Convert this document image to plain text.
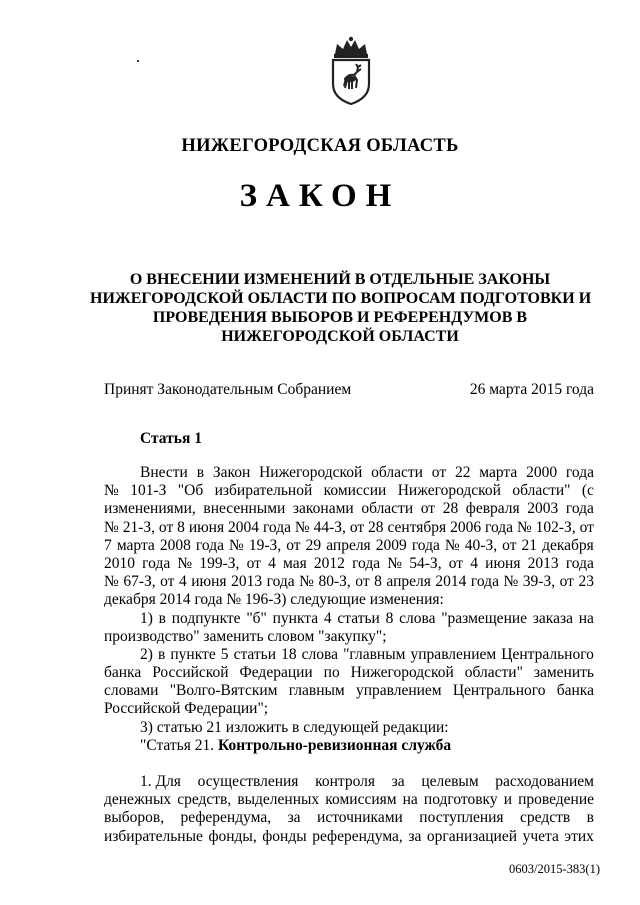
НИЖЕГОРОДСКАЯ ОБЛАСТЬ
ЗАКОН
О ВНЕСЕНИИ ИЗМЕНЕНИЙ В ОТДЕЛЬНЫЕ ЗАКОНЫ
НИЖЕГОРОДСКОЙ ОБЛАСТИ ПО ВОПРОСАМ ПОДГОТОВКИ И
ПРОВЕДЕНИЯ ВЫБОРОВ И РЕФЕРЕНДУМОВ В
НИЖЕГОРОДСКОЙ ОБЛАСТИ
Принят Законодательным Собранием	26 марта 2015 года
Статья 1
Внести в Закон Нижегородской области от 22 марта 2000 года
№ 101-З "Об избирательной комиссии Нижегородской области" (с
изменениями, внесенными законами области от 28 февраля 2003 года
№ 21-З, от 8 июня 2004 года № 44-З, от 28 сентября 2006 года № 102-З, от
7 марта 2008 года № 19-З, от 29 апреля 2009 года № 40-З, от 21 декабря
2010 года № 199-З, от 4 мая 2012 года № 54-З, от 4 июня 2013 года
№ 67-З, от 4 июня 2013 года № 80-З, от 8 апреля 2014 года № 39-З, от 23
декабря 2014 года № 196-З) следующие изменения:
1) в подпункте "б" пункта 4 статьи 8 слова "размещение заказа на
производство" заменить словом "закупку";
2) в пункте 5 статьи 18 слова "главным управлением Центрального
банка Российской Федерации по Нижегородской области" заменить
словами "Волго-Вятским главным управлением Центрального банка
Российской Федерации";
3) статью 21 изложить в следующей редакции:
"Статья 21. Контрольно-ревизионная служба
1. Для осуществления контроля за целевым расходованием
денежных средств, выделенных комиссиям на подготовку и проведение
выборов, референдума, за источниками поступления средств в
избирательные фонды, фонды референдума, за организацией учета этих
0603/2015-383(1)
